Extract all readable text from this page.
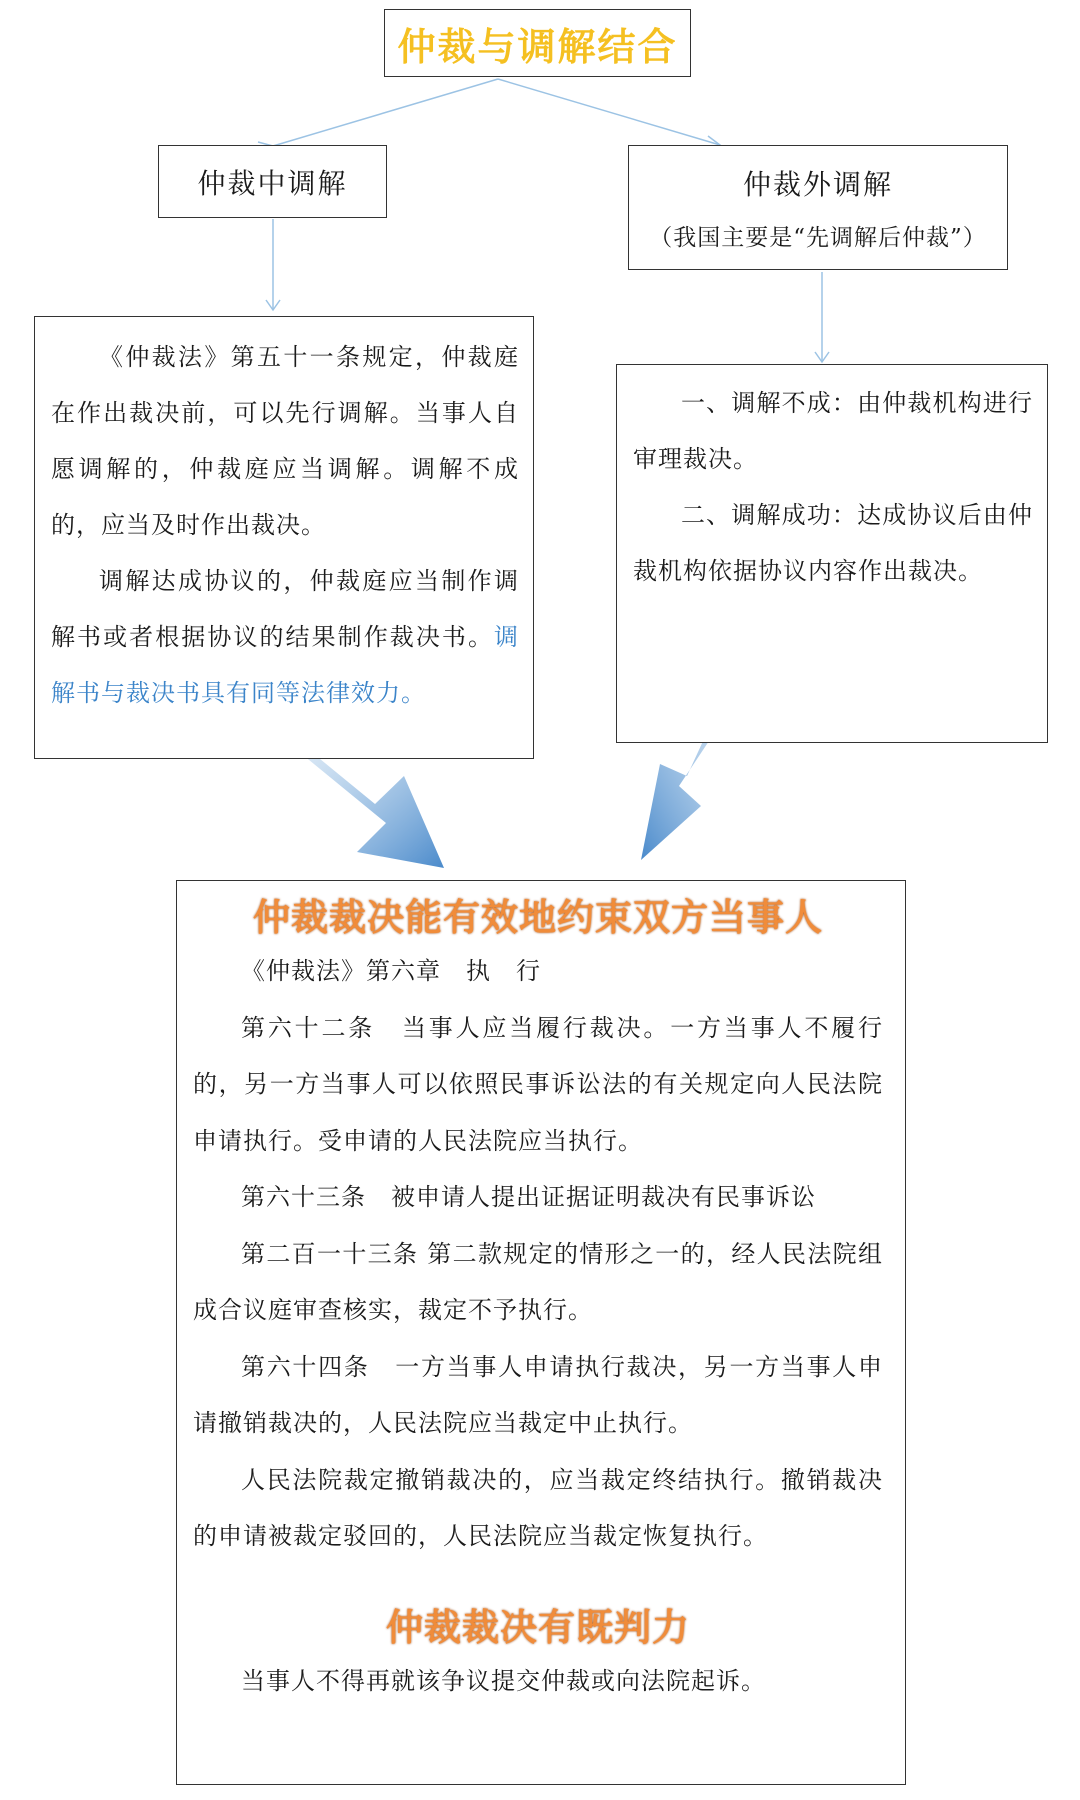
仲裁与调解结合
仲裁中调解	仲裁外调解
（我国主要是“先调解后仲裁”）

《仲裁法》第五十一条规定，仲裁庭在作出裁决前，可以先行调解。当事人自愿调解的，仲裁庭应当调解。调解不成的，应当及时作出裁决。

调解达成协议的，仲裁庭应当制作调解书或者根据协议的结果制作裁决书。调解书与裁决书具有同等法律效力。

一、调解不成：由仲裁机构进行审理裁决。

二、调解成功：达成协议后由仲裁机构依据协议内容作出裁决。

仲裁裁决能有效地约束双方当事人

《仲裁法》第六章　执　行

第六十二条　当事人应当履行裁决。一方当事人不履行的，另一方当事人可以依照民事诉讼法的有关规定向人民法院申请执行。受申请的人民法院应当执行。

第六十三条　被申请人提出证据证明裁决有民事诉讼

第二百一十三条 第二款规定的情形之一的，经人民法院组成合议庭审查核实，裁定不予执行。

第六十四条　一方当事人申请执行裁决，另一方当事人申请撤销裁决的，人民法院应当裁定中止执行。

人民法院裁定撤销裁决的，应当裁定终结执行。撤销裁决的申请被裁定驳回的，人民法院应当裁定恢复执行。

仲裁裁决有既判力

当事人不得再就该争议提交仲裁或向法院起诉。
